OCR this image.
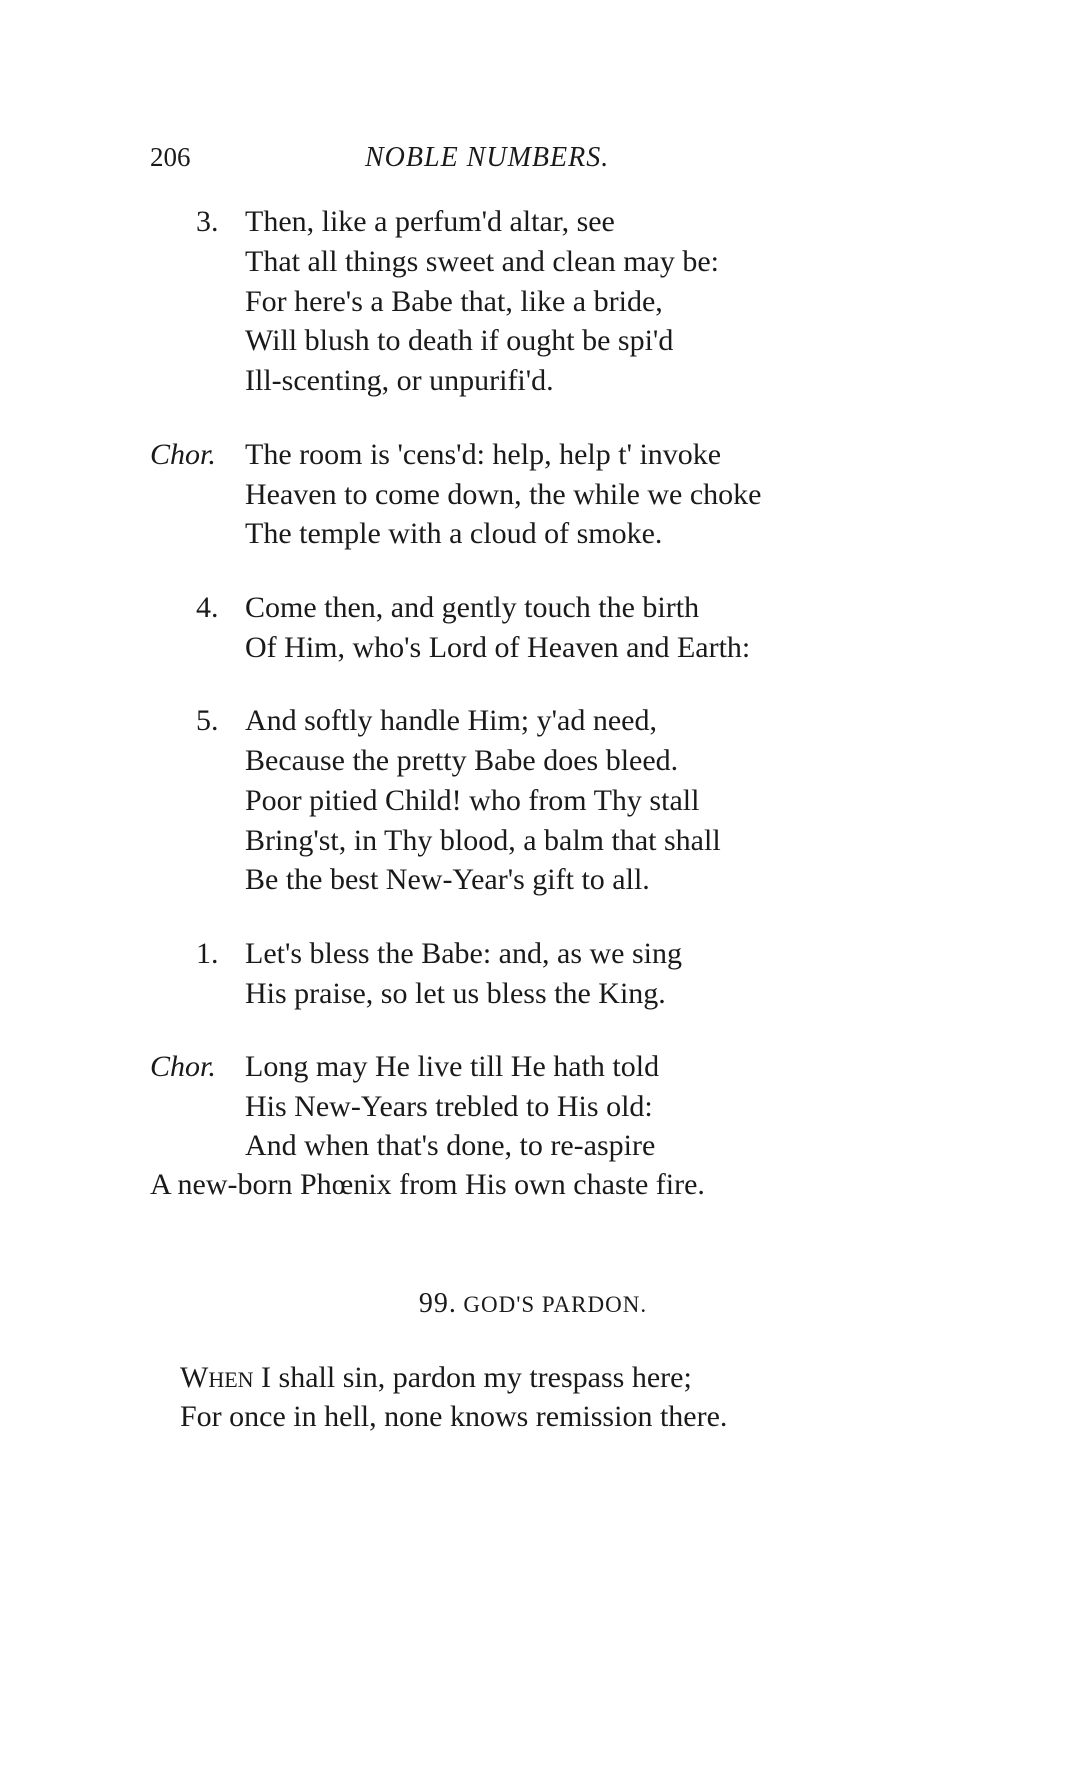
206	NOBLE NUMBERS.
3. Then, like a perfum'd altar, see
That all things sweet and clean may be:
For here's a Babe that, like a bride,
Will blush to death if ought be spi'd
Ill-scenting, or unpurifi'd.
Chor. The room is 'cens'd: help, help t' invoke
Heaven to come down, the while we choke
The temple with a cloud of smoke.
4. Come then, and gently touch the birth
Of Him, who's Lord of Heaven and Earth:
5. And softly handle Him; y'ad need,
Because the pretty Babe does bleed.
Poor pitied Child! who from Thy stall
Bring'st, in Thy blood, a balm that shall
Be the best New-Year's gift to all.
1. Let's bless the Babe: and, as we sing
His praise, so let us bless the King.
Chor. Long may He live till He hath told
His New-Years trebled to His old:
And when that's done, to re-aspire
A new-born Phœnix from His own chaste fire.
99. GOD'S PARDON.
WHEN I shall sin, pardon my trespass here;
For once in hell, none knows remission there.
